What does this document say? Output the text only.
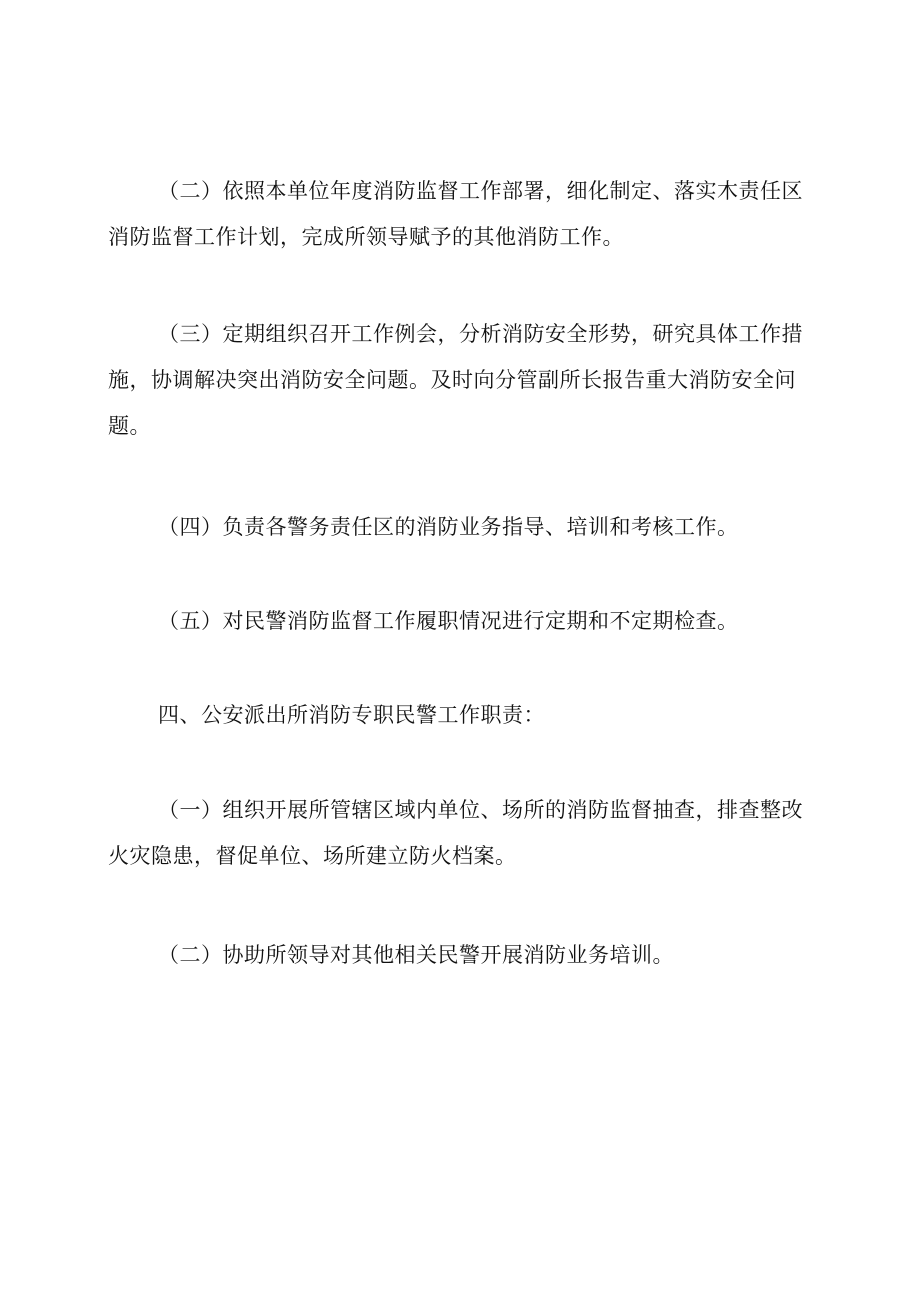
（二）依照本单位年度消防监督工作部署，细化制定、落实木责任区消防监督工作计划，完成所领导赋予的其他消防工作。

（三）定期组织召开工作例会，分析消防安全形势，研究具体工作措施，协调解决突出消防安全问题。及时向分管副所长报告重大消防安全问题。

（四）负责各警务责任区的消防业务指导、培训和考核工作。

（五）对民警消防监督工作履职情况进行定期和不定期检查。

四、公安派出所消防专职民警工作职责：

（一）组织开展所管辖区域内单位、场所的消防监督抽查，排查整改火灾隐患，督促单位、场所建立防火档案。

（二）协助所领导对其他相关民警开展消防业务培训。
